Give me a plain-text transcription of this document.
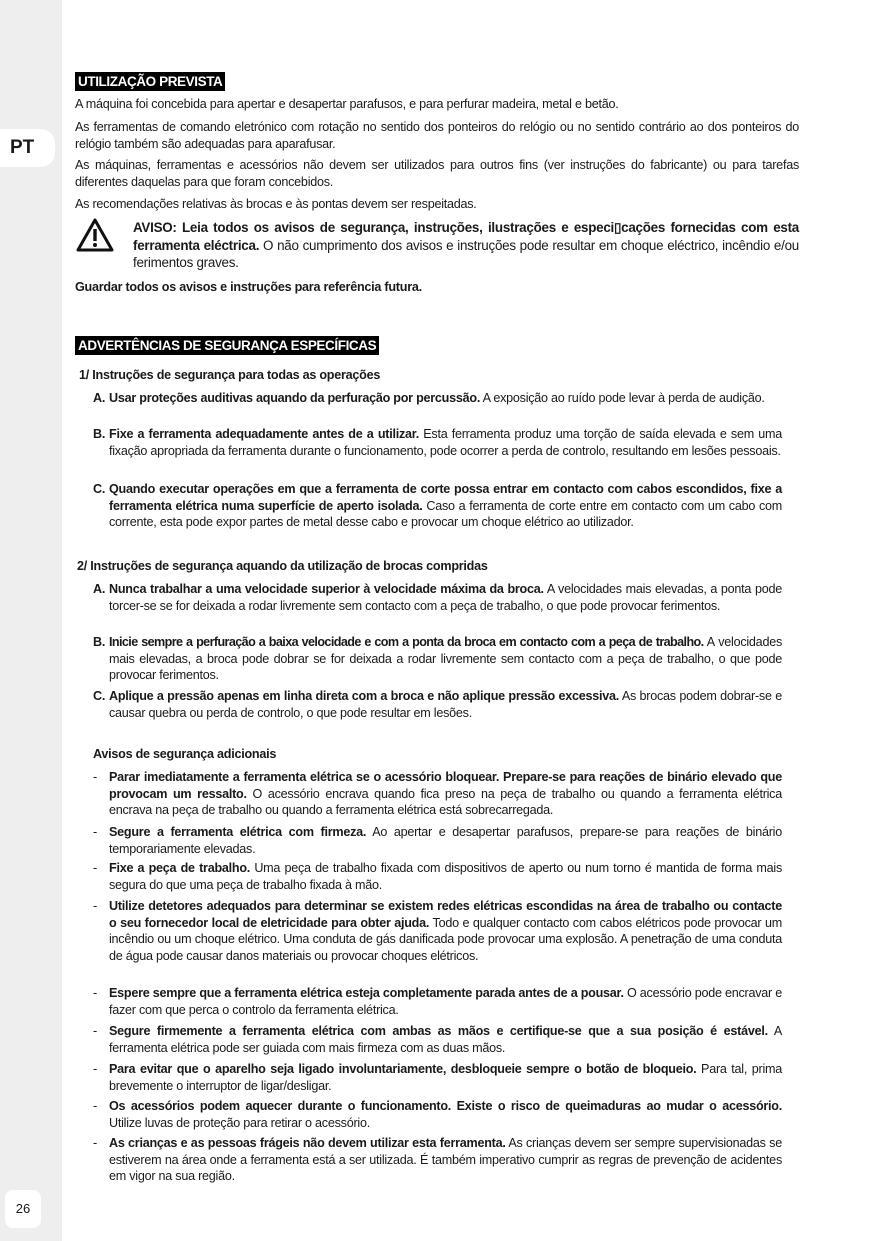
PT
26
UTILIZAÇÃO PREVISTA

A máquina foi concebida para apertar e desapertar parafusos, e para perfurar madeira, metal e betão.

As ferramentas de comando eletrónico com rotação no sentido dos ponteiros do relógio ou no sentido contrário ao dos ponteiros do relógio também são adequadas para aparafusar.

As máquinas, ferramentas e acessórios não devem ser utilizados para outros fins (ver instruções do fabricante) ou para tarefas diferentes daquelas para que foram concebidos.

As recomendações relativas às brocas e às pontas devem ser respeitadas.

AVISO: Leia todos os avisos de segurança, instruções, ilustrações e especi▯cações fornecidas com esta ferramenta eléctrica. O não cumprimento dos avisos e instruções pode resultar em choque eléctrico, incêndio e/ou ferimentos graves.

Guardar todos os avisos e instruções para referência futura.

ADVERTÊNCIAS DE SEGURANÇA ESPECÍFICAS

1/ Instruções de segurança para todas as operações

A. Usar proteções auditivas aquando da perfuração por percussão. A exposição ao ruído pode levar à perda de audição.
B. Fixe a ferramenta adequadamente antes de a utilizar. Esta ferramenta produz uma torção de saída elevada e sem uma fixação apropriada da ferramenta durante o funcionamento, pode ocorrer a perda de controlo, resultando em lesões pessoais.
C. Quando executar operações em que a ferramenta de corte possa entrar em contacto com cabos escondidos, fixe a ferramenta elétrica numa superfície de aperto isolada. Caso a ferramenta de corte entre em contacto com um cabo com corrente, esta pode expor partes de metal desse cabo e provocar um choque elétrico ao utilizador.

2/ Instruções de segurança aquando da utilização de brocas compridas

A. Nunca trabalhar a uma velocidade superior à velocidade máxima da broca. A velocidades mais elevadas, a ponta pode torcer-se se for deixada a rodar livremente sem contacto com a peça de trabalho, o que pode provocar ferimentos.
B. Inicie sempre a perfuração a baixa velocidade e com a ponta da broca em contacto com a peça de trabalho. A velocidades mais elevadas, a broca pode dobrar se for deixada a rodar livremente sem contacto com a peça de trabalho, o que pode provocar ferimentos.
C. Aplique a pressão apenas em linha direta com a broca e não aplique pressão excessiva. As brocas podem dobrar-se e causar quebra ou perda de controlo, o que pode resultar em lesões.

Avisos de segurança adicionais

- Parar imediatamente a ferramenta elétrica se o acessório bloquear. Prepare-se para reações de binário elevado que provocam um ressalto. O acessório encrava quando fica preso na peça de trabalho ou quando a ferramenta elétrica encrava na peça de trabalho ou quando a ferramenta elétrica está sobrecarregada.
- Segure a ferramenta elétrica com firmeza. Ao apertar e desapertar parafusos, prepare-se para reações de binário temporariamente elevadas.
- Fixe a peça de trabalho. Uma peça de trabalho fixada com dispositivos de aperto ou num torno é mantida de forma mais segura do que uma peça de trabalho fixada à mão.
- Utilize detetores adequados para determinar se existem redes elétricas escondidas na área de trabalho ou contacte o seu fornecedor local de eletricidade para obter ajuda. Todo e qualquer contacto com cabos elétricos pode provocar um incêndio ou um choque elétrico. Uma conduta de gás danificada pode provocar uma explosão. A penetração de uma conduta de água pode causar danos materiais ou provocar choques elétricos.
- Espere sempre que a ferramenta elétrica esteja completamente parada antes de a pousar. O acessório pode encravar e fazer com que perca o controlo da ferramenta elétrica.
- Segure firmemente a ferramenta elétrica com ambas as mãos e certifique-se que a sua posição é estável. A ferramenta elétrica pode ser guiada com mais firmeza com as duas mãos.
- Para evitar que o aparelho seja ligado involuntariamente, desbloqueie sempre o botão de bloqueio. Para tal, prima brevemente o interruptor de ligar/desligar.
- Os acessórios podem aquecer durante o funcionamento. Existe o risco de queimaduras ao mudar o acessório. Utilize luvas de proteção para retirar o acessório.
- As crianças e as pessoas frágeis não devem utilizar esta ferramenta. As crianças devem ser sempre supervisionadas se estiverem na área onde a ferramenta está a ser utilizada. É também imperativo cumprir as regras de prevenção de acidentes em vigor na sua região.
